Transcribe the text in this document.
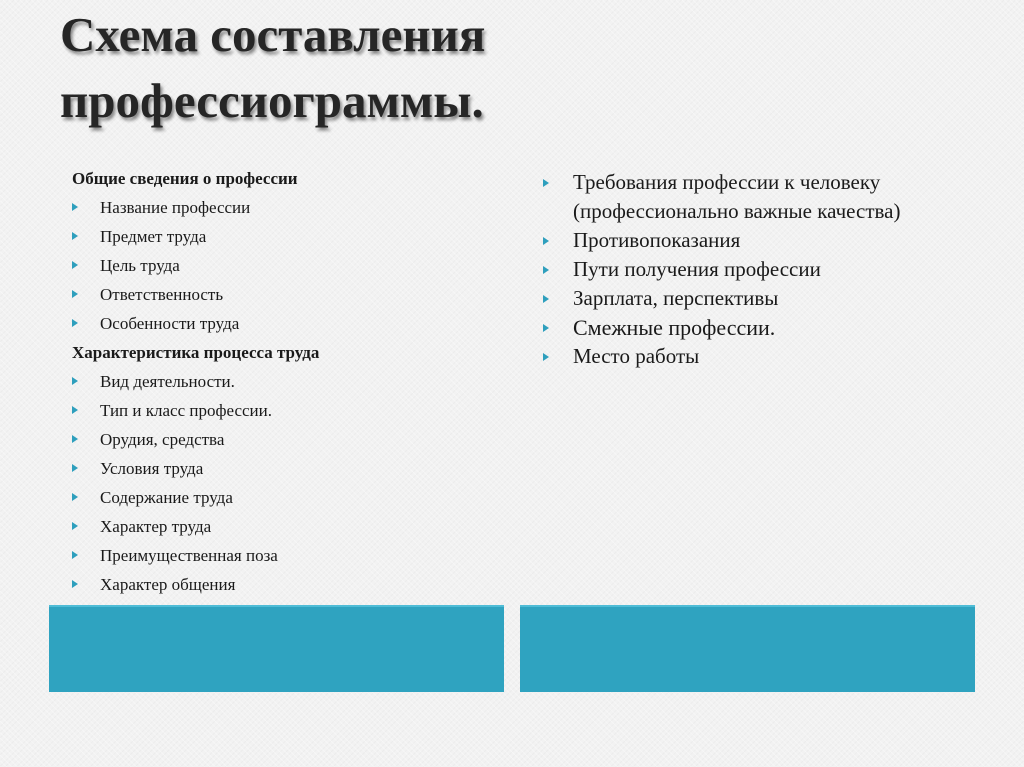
Схема составления
профессиограммы.
Общие сведения о профессии
Название профессии
Предмет труда
Цель труда
Ответственность
Особенности труда
Характеристика процесса труда
Вид деятельности.
Тип и класс профессии.
Орудия, средства
Условия труда
Содержание труда
Характер труда
Преимущественная поза
Характер общения
Требования профессии к человеку
(профессионально важные качества)
Противопоказания
Пути получения профессии
Зарплата, перспективы
Смежные профессии.
Место работы
